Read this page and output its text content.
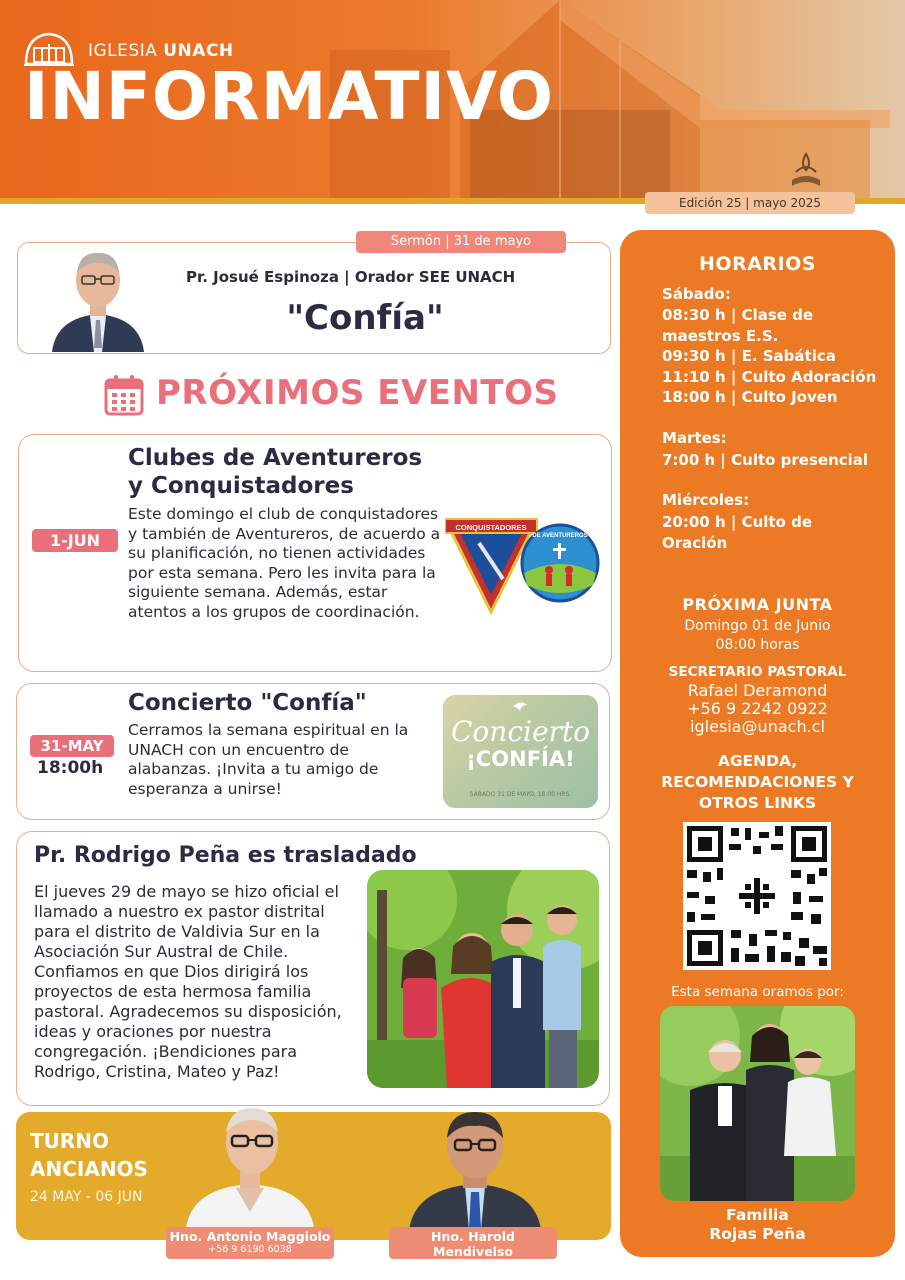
IGLESIA UNACH
INFORMATIVO
Edición 25 | mayo 2025
Sermón | 31 de mayo
Pr. Josué Espinoza | Orador SEE UNACH
"Confía"
PRÓXIMOS EVENTOS
1-JUN
Clubes de Aventureros y Conquistadores
Este domingo el club de conquistadores y también de Aventureros, de acuerdo a su planificación, no tienen actividades por esta semana. Pero les invita para la siguiente semana. Además, estar atentos a los grupos de coordinación.
CONQUISTADORES
DE AVENTUREROS
31-MAY
18:00h
Concierto "Confía"
Cerramos la semana espiritual en la UNACH con un encuentro de alabanzas. ¡Invita a tu amigo de esperanza a unirse!
Concierto
¡CONFÍA!
SÁBADO 31 DE MAYO, 18:00 HRS.
Pr. Rodrigo Peña es trasladado
El jueves 29 de mayo se hizo oficial el llamado a nuestro ex pastor distrital para el distrito de Valdivia Sur en la Asociación Sur Austral de Chile. Confiamos en que Dios dirigirá los proyectos de esta hermosa familia pastoral. Agradecemos su disposición, ideas y oraciones por nuestra congregación. ¡Bendiciones para Rodrigo, Cristina, Mateo y Paz!
TURNO
ANCIANOS
24 MAY - 06 JUN
Hno. Antonio Maggiolo
+56 9 6190 6038
Hno. Harold Mendivelso
+56 9 5613 4046
HORARIOS
Sábado:
08:30 h | Clase de
maestros E.S.
09:30 h | E. Sabática
11:10 h | Culto Adoración
18:00 h | Culto Joven
Martes:
7:00 h | Culto presencial
Miércoles:
20:00 h | Culto de
Oración
PRÓXIMA JUNTA
Domingo 01 de Junio
08:00 horas
SECRETARIO PASTORAL
Rafael Deramond
+56 9 2242 0922
iglesia@unach.cl
AGENDA,
RECOMENDACIONES Y
OTROS LINKS
Esta semana oramos por:
Familia
Rojas Peña
